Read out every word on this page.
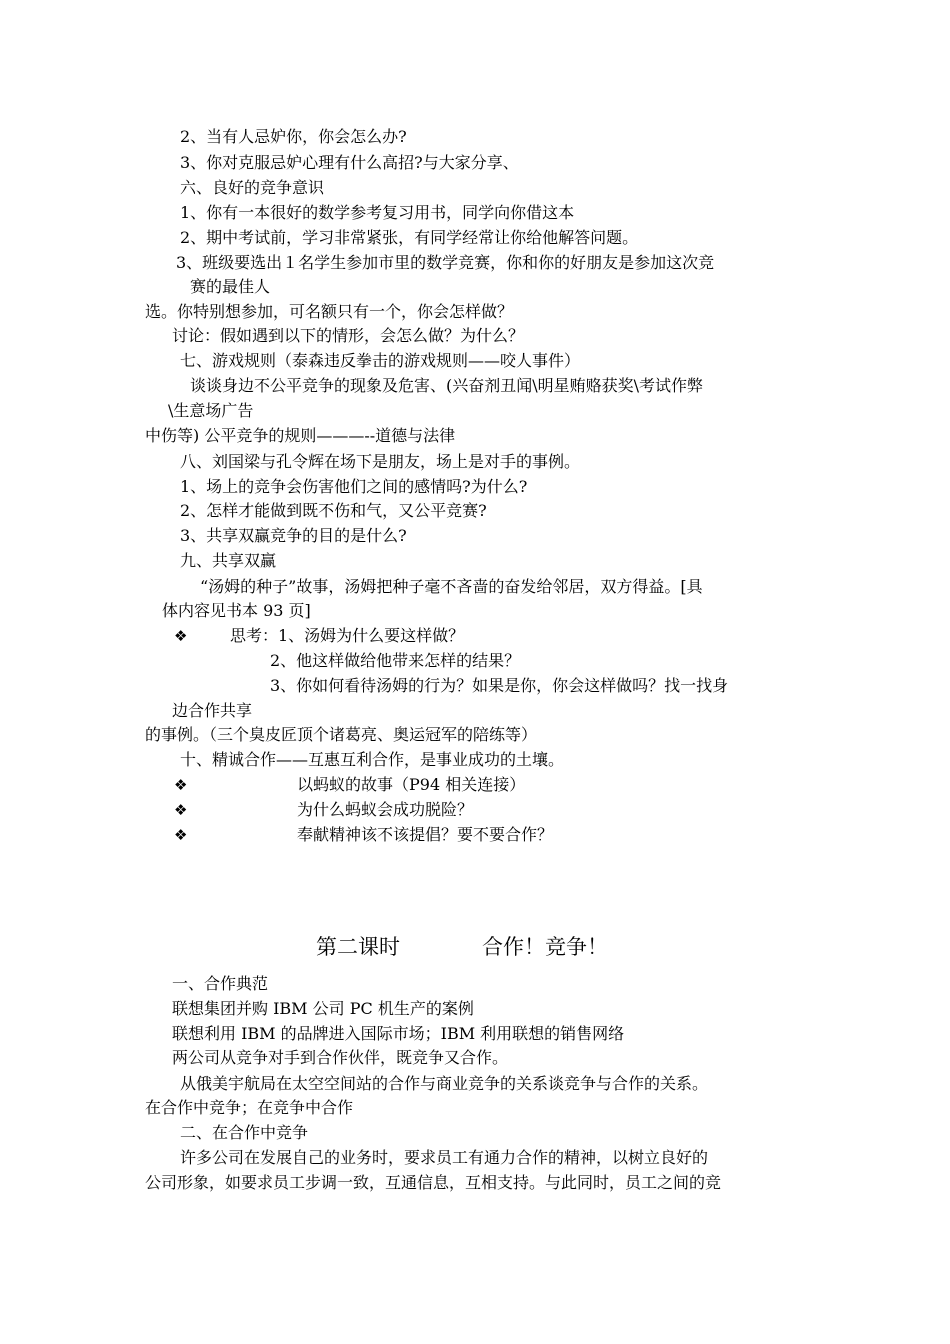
2、当有人忌妒你，你会怎么办?
3、你对克服忌妒心理有什么高招?与大家分享、
六、良好的竞争意识
1、你有一本很好的数学参考复习用书，同学向你借这本
2、期中考试前，学习非常紧张，有同学经常让你给他解答问题。
3、班级要选出１名学生参加市里的数学竞赛，你和你的好朋友是参加这次竞
赛的最佳人
选。你特别想参加，可名额只有一个，你会怎样做？
讨论：假如遇到以下的情形，会怎么做？为什么？
七、游戏规则（泰森违反拳击的游戏规则——咬人事件）
谈谈身边不公平竞争的现象及危害、(兴奋剂丑闻\明星贿赂获奖\考试作弊
\生意场广告
中伤等) 公平竞争的规则———--道德与法律
八、刘国梁与孔令辉在场下是朋友，场上是对手的事例。
1、场上的竞争会伤害他们之间的感情吗?为什么?
2、怎样才能做到既不伤和气，又公平竞赛?
3、共享双赢竞争的目的是什么?
九、共享双赢
“汤姆的种子”故事，汤姆把种子毫不吝啬的奋发给邻居，双方得益。[具
体内容见书本 93 页]
❖	思考：1、汤姆为什么要这样做？
2、他这样做给他带来怎样的结果？
3、你如何看待汤姆的行为？如果是你，你会这样做吗？找一找身
边合作共享
的事例。（三个臭皮匠顶个诸葛亮、奥运冠军的陪练等）
十、精诚合作——互惠互利合作，是事业成功的土壤。
❖	以蚂蚁的故事（P94 相关连接）
❖	为什么蚂蚁会成功脱险？
❖	奉献精神该不该提倡？要不要合作？
第二课时	合作！竞争！
一、合作典范
联想集团并购 IBM 公司 PC 机生产的案例
联想利用 IBM 的品牌进入国际市场；IBM 利用联想的销售网络
两公司从竞争对手到合作伙伴，既竞争又合作。
从俄美宇航局在太空空间站的合作与商业竞争的关系谈竞争与合作的关系。
在合作中竞争；在竞争中合作
二、在合作中竞争
许多公司在发展自己的业务时，要求员工有通力合作的精神，以树立良好的
公司形象，如要求员工步调一致，互通信息，互相支持。与此同时，员工之间的竞
